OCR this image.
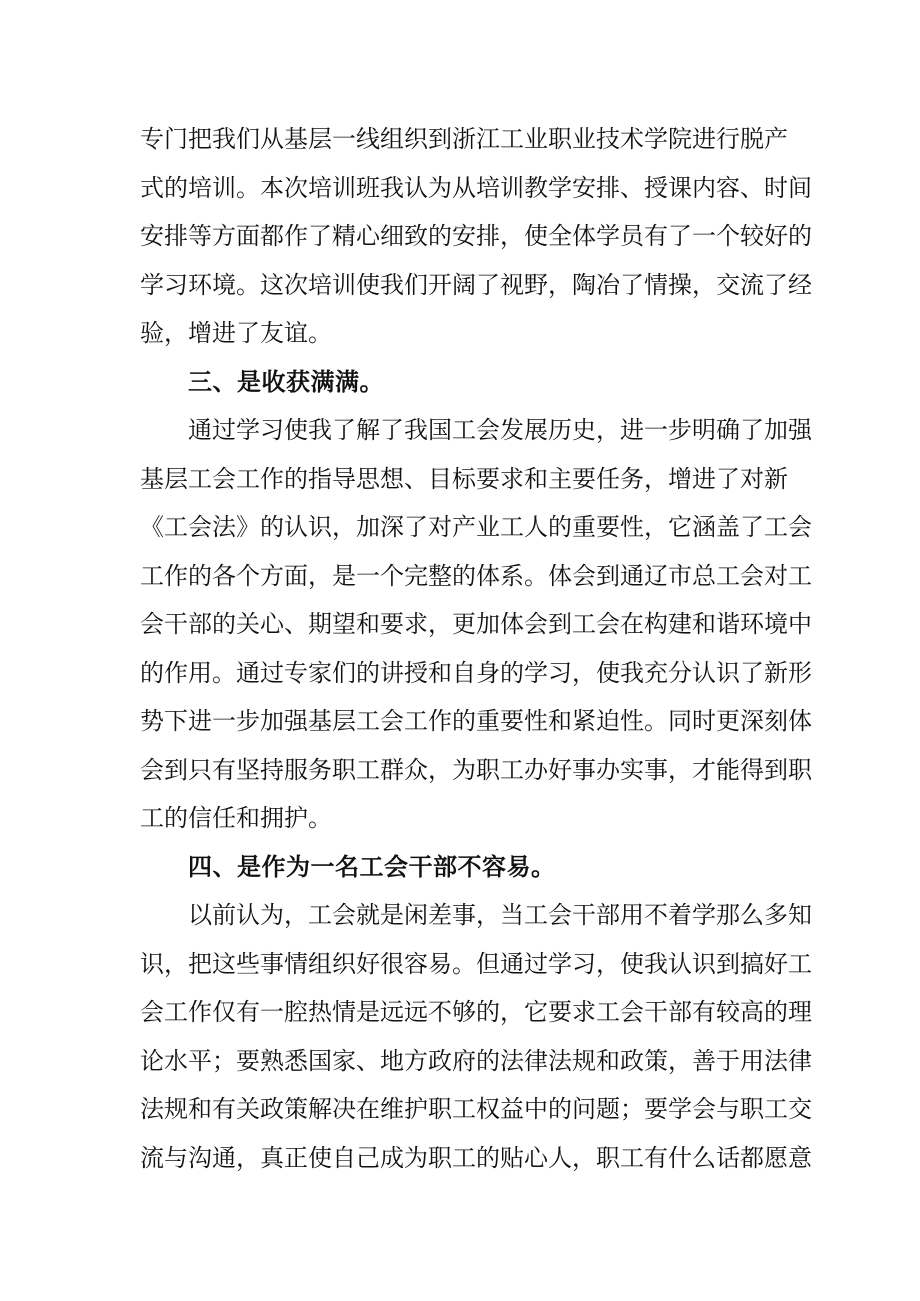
专门把我们从基层一线组织到浙江工业职业技术学院进行脱产
式的培训。本次培训班我认为从培训教学安排、授课内容、时间
安排等方面都作了精心细致的安排，使全体学员有了一个较好的
学习环境。这次培训使我们开阔了视野，陶冶了情操，交流了经
验，增进了友谊。
三、是收获满满。
通过学习使我了解了我国工会发展历史，进一步明确了加强
基层工会工作的指导思想、目标要求和主要任务，增进了对新
《工会法》的认识，加深了对产业工人的重要性，它涵盖了工会
工作的各个方面，是一个完整的体系。体会到通辽市总工会对工
会干部的关心、期望和要求，更加体会到工会在构建和谐环境中
的作用。通过专家们的讲授和自身的学习，使我充分认识了新形
势下进一步加强基层工会工作的重要性和紧迫性。同时更深刻体
会到只有坚持服务职工群众，为职工办好事办实事，才能得到职
工的信任和拥护。
四、是作为一名工会干部不容易。
以前认为，工会就是闲差事，当工会干部用不着学那么多知
识，把这些事情组织好很容易。但通过学习，使我认识到搞好工
会工作仅有一腔热情是远远不够的，它要求工会干部有较高的理
论水平；要熟悉国家、地方政府的法律法规和政策，善于用法律
法规和有关政策解决在维护职工权益中的问题；要学会与职工交
流与沟通，真正使自己成为职工的贴心人，职工有什么话都愿意
